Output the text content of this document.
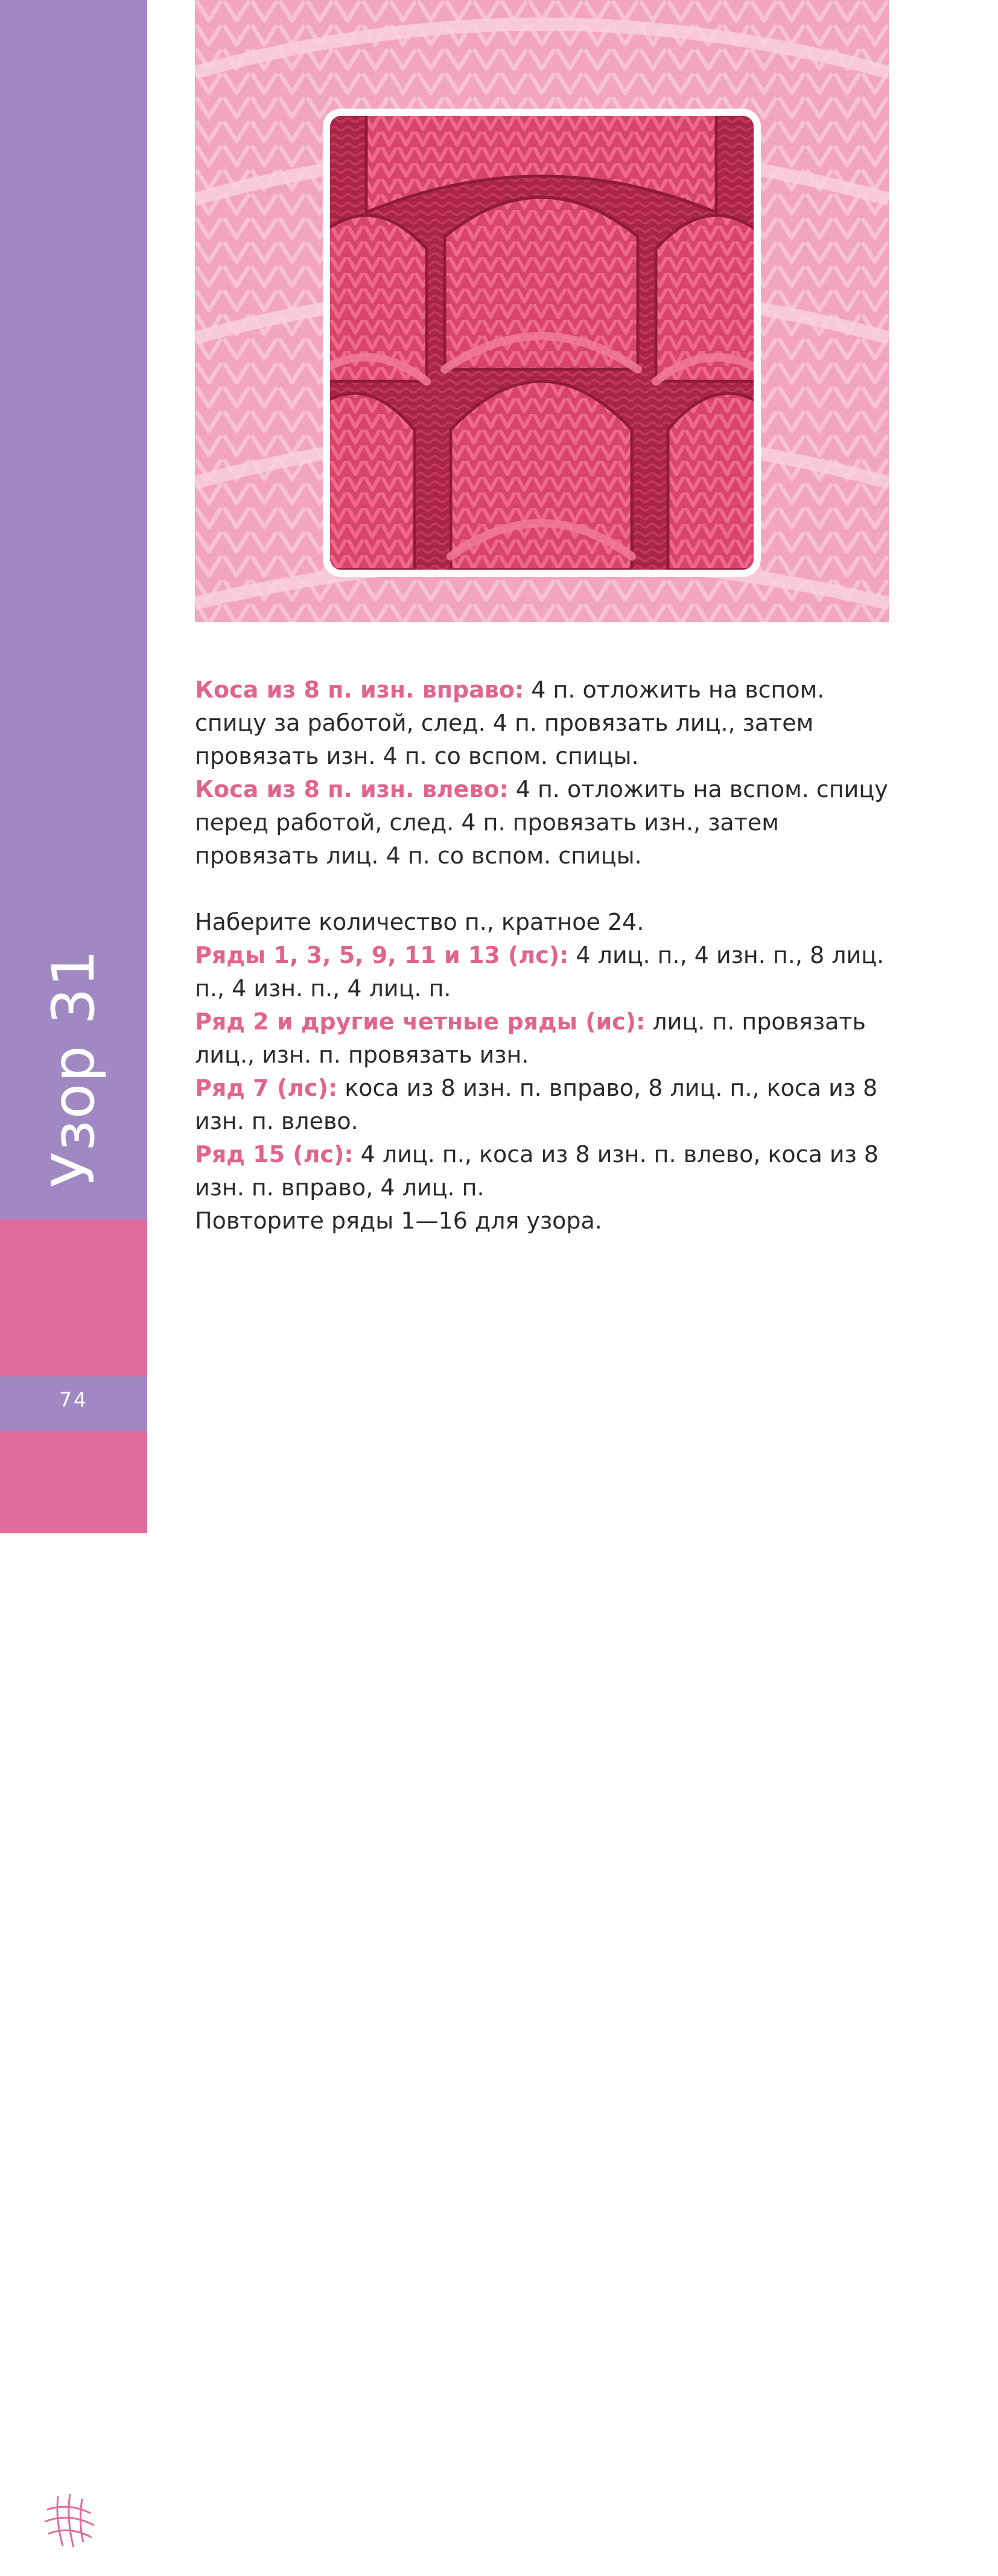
Узор 31
74

Коса из 8 п. изн. вправо: 4 п. отложить на вспом. спицу за работой, след. 4 п. провязать лиц., затем провязать изн. 4 п. со вспом. спицы.

Коса из 8 п. изн. влево: 4 п. отложить на вспом. спицу перед работой, след. 4 п. провязать изн., затем провязать лиц. 4 п. со вспом. спицы.

Наберите количество п., кратное 24.

Ряды 1, 3, 5, 9, 11 и 13 (лс): 4 лиц. п., 4 изн. п., 8 лиц. п., 4 изн. п., 4 лиц. п.

Ряд 2 и другие четные ряды (ис): лиц. п. провязать лиц., изн. п. провязать изн.

Ряд 7 (лс): коса из 8 изн. п. вправо, 8 лиц. п., коса из 8 изн. п. влево.

Ряд 15 (лс): 4 лиц. п., коса из 8 изн. п. влево, коса из 8 изн. п. вправо, 4 лиц. п.

Повторите ряды 1—16 для узора.
